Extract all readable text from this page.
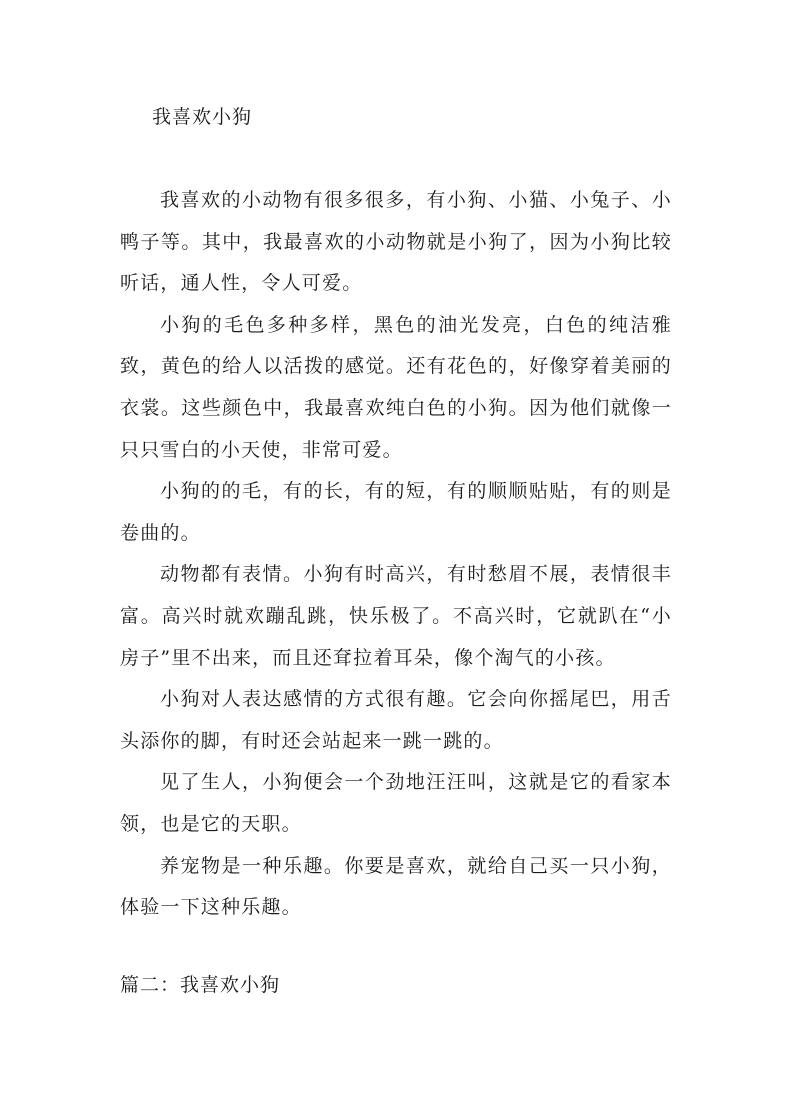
我喜欢小狗

我喜欢的小动物有很多很多，有小狗、小猫、小兔子、小鸭子等。其中，我最喜欢的小动物就是小狗了，因为小狗比较听话，通人性，令人可爱。

小狗的毛色多种多样，黑色的油光发亮，白色的纯洁雅致，黄色的给人以活拨的感觉。还有花色的，好像穿着美丽的衣裳。这些颜色中，我最喜欢纯白色的小狗。因为他们就像一只只雪白的小天使，非常可爱。

小狗的的毛，有的长，有的短，有的顺顺贴贴，有的则是卷曲的。

动物都有表情。小狗有时高兴，有时愁眉不展，表情很丰富。高兴时就欢蹦乱跳，快乐极了。不高兴时，它就趴在“小房子”里不出来，而且还耷拉着耳朵，像个淘气的小孩。

小狗对人表达感情的方式很有趣。它会向你摇尾巴，用舌头添你的脚，有时还会站起来一跳一跳的。

见了生人，小狗便会一个劲地汪汪叫，这就是它的看家本领，也是它的天职。

养宠物是一种乐趣。你要是喜欢，就给自己买一只小狗，体验一下这种乐趣。

篇二：我喜欢小狗
